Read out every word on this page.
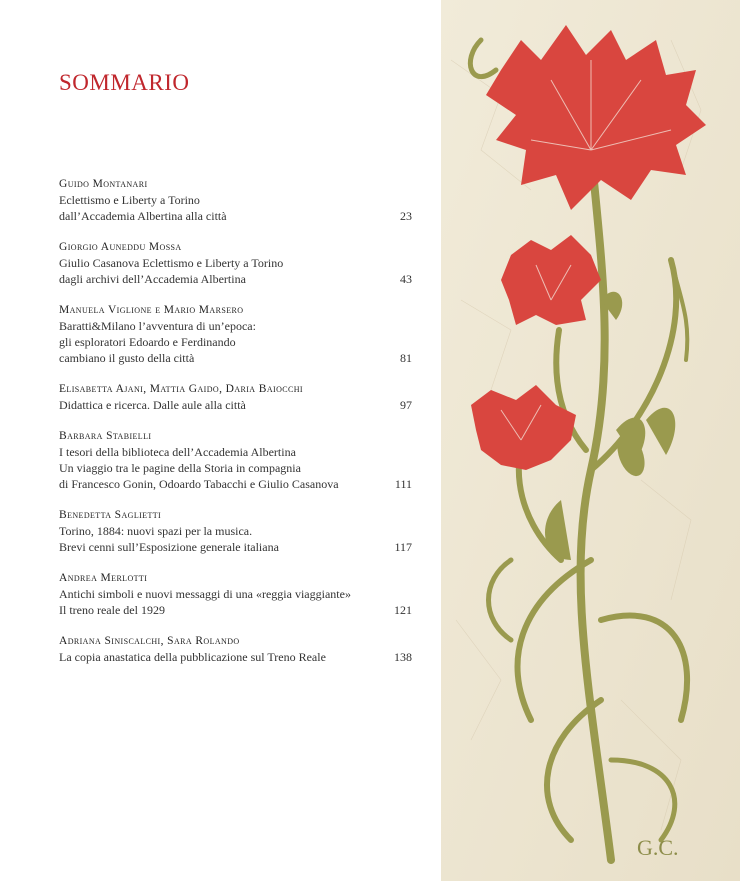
SOMMARIO
Guido Montanari
Eclettismo e Liberty a Torino
dall’Accademia Albertina alla città	23
Giorgio Auneddu Mossa
Giulio Casanova Eclettismo e Liberty a Torino
dagli archivi dell’Accademia Albertina	43
Manuela Viglione e Mario Marsero
Baratti&Milano l’avventura di un’epoca:
gli esploratori Edoardo e Ferdinando
cambiano il gusto della città	81
Elisabetta Ajani, Mattia Gaido, Daria Baiocchi
Didattica e ricerca. Dalle aule alla città	97
Barbara Stabielli
I tesori della biblioteca dell’Accademia Albertina
Un viaggio tra le pagine della Storia in compagnia
di Francesco Gonin, Odoardo Tabacchi e Giulio Casanova	111
Benedetta Saglietti
Torino, 1884: nuovi spazi per la musica.
Brevi cenni sull’Esposizione generale italiana	117
Andrea Merlotti
Antichi simboli e nuovi messaggi di una «reggia viaggiante»
Il treno reale del 1929	121
Adriana Siniscalchi, Sara Rolando
La copia anastatica della pubblicazione sul Treno Reale	138
G.C.
